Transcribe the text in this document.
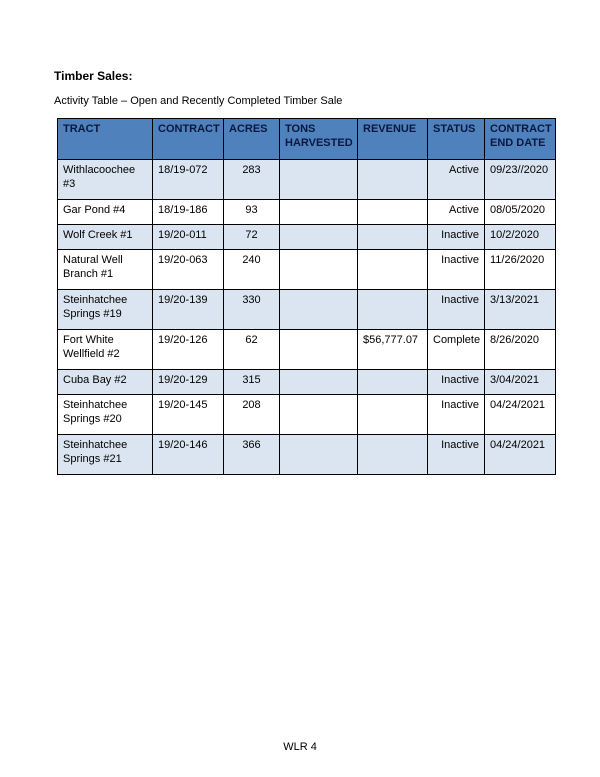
Timber Sales:

Activity Table – Open and Recently Completed Timber Sale

TRACT	CONTRACT	ACRES	TONS HARVESTED	REVENUE	STATUS	CONTRACT END DATE
Withlacoochee #3	18/19-072	283			Active	09/23//2020
Gar Pond #4	18/19-186	93			Active	08/05/2020
Wolf Creek #1	19/20-011	72			Inactive	10/2/2020
Natural Well Branch #1	19/20-063	240			Inactive	11/26/2020
Steinhatchee Springs #19	19/20-139	330			Inactive	3/13/2021
Fort White Wellfield #2	19/20-126	62		$56,777.07	Complete	8/26/2020
Cuba Bay #2	19/20-129	315			Inactive	3/04/2021
Steinhatchee Springs #20	19/20-145	208			Inactive	04/24/2021
Steinhatchee Springs #21	19/20-146	366			Inactive	04/24/2021
WLR 4
